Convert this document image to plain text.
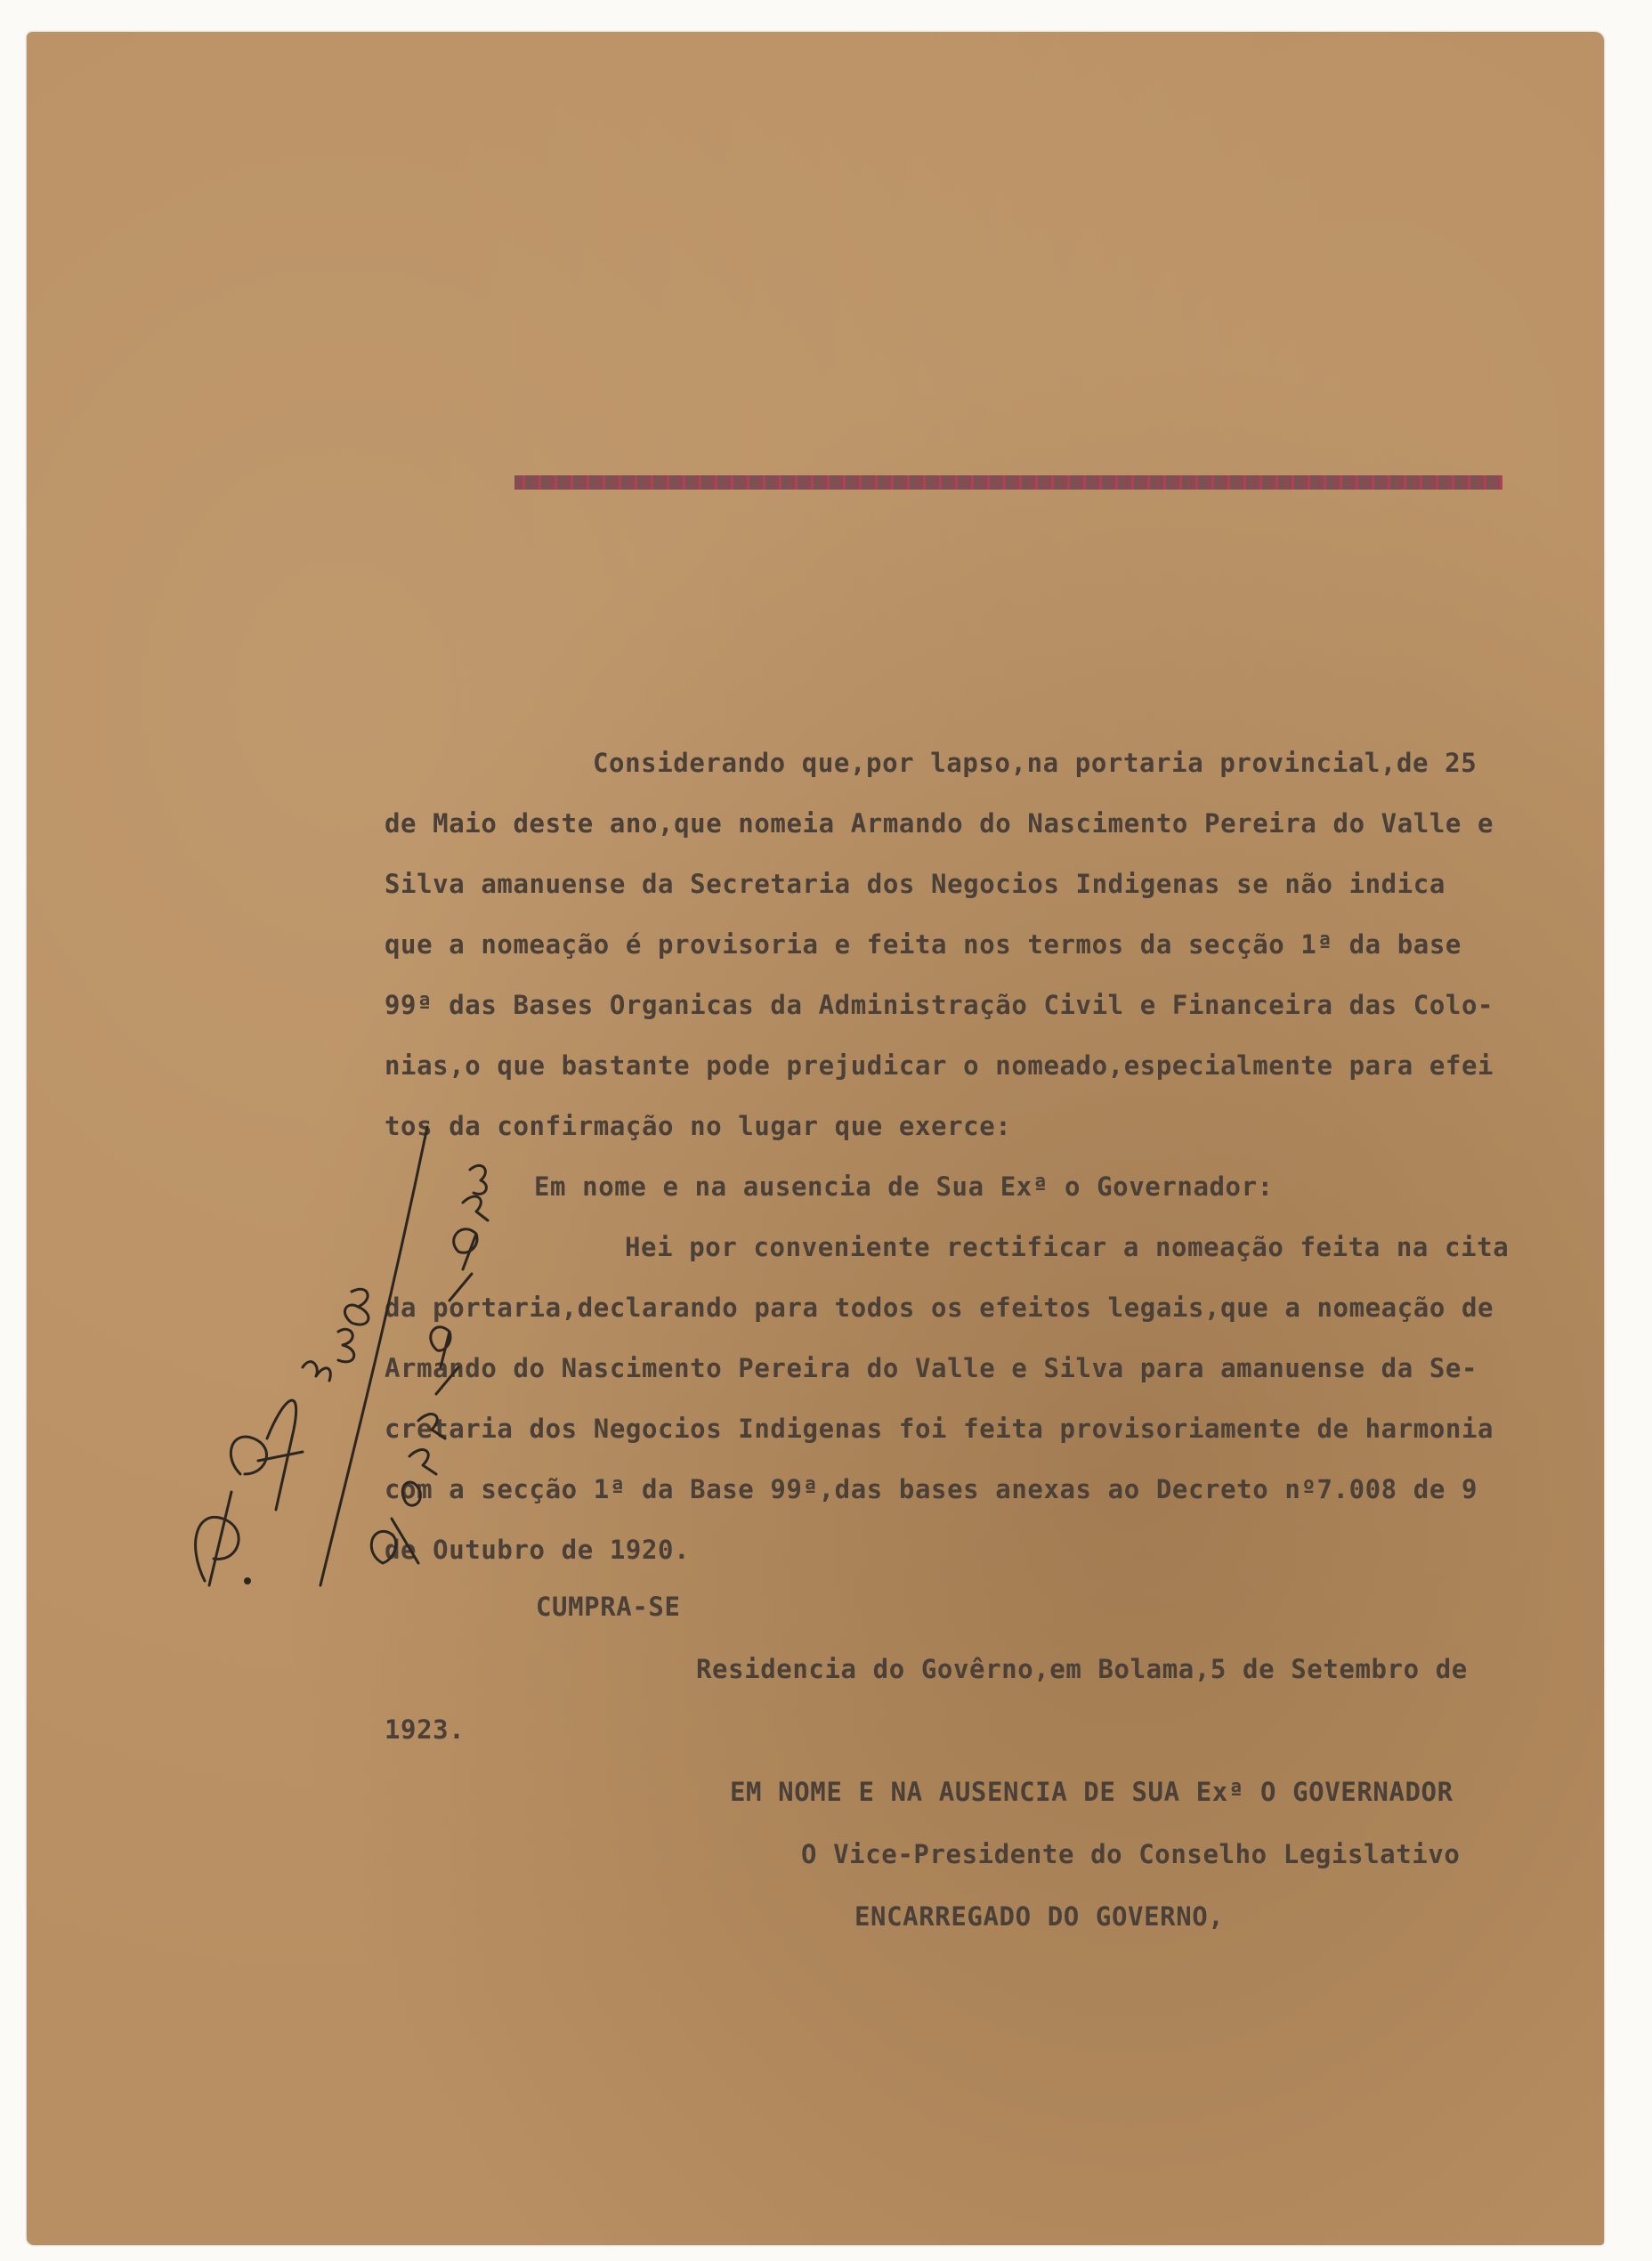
Considerando que,por lapso,na portaria provincial,de 25
de Maio deste ano,que nomeia Armando do Nascimento Pereira do Valle e
Silva amanuense da Secretaria dos Negocios Indigenas se não indica
que a nomeação é provisoria e feita nos termos da secção 1ª da base
99ª das Bases Organicas da Administração Civil e Financeira das Colo-
nias,o que bastante pode prejudicar o nomeado,especialmente para efei
tos da confirmação no lugar que exerce:
Em nome e na ausencia de Sua Exª o Governador:
Hei por conveniente rectificar a nomeação feita na cita
da portaria,declarando para todos os efeitos legais,que a nomeação de
Armando do Nascimento Pereira do Valle e Silva para amanuense da Se-
cretaria dos Negocios Indigenas foi feita provisoriamente de harmonia
com a secção 1ª da Base 99ª,das bases anexas ao Decreto nº7.008 de 9
de Outubro de 1920.
CUMPRA-SE
Residencia do Govêrno,em Bolama,5 de Setembro de
1923.
EM NOME E NA AUSENCIA DE SUA Exª O GOVERNADOR
O Vice-Presidente do Conselho Legislativo
ENCARREGADO DO GOVERNO,
